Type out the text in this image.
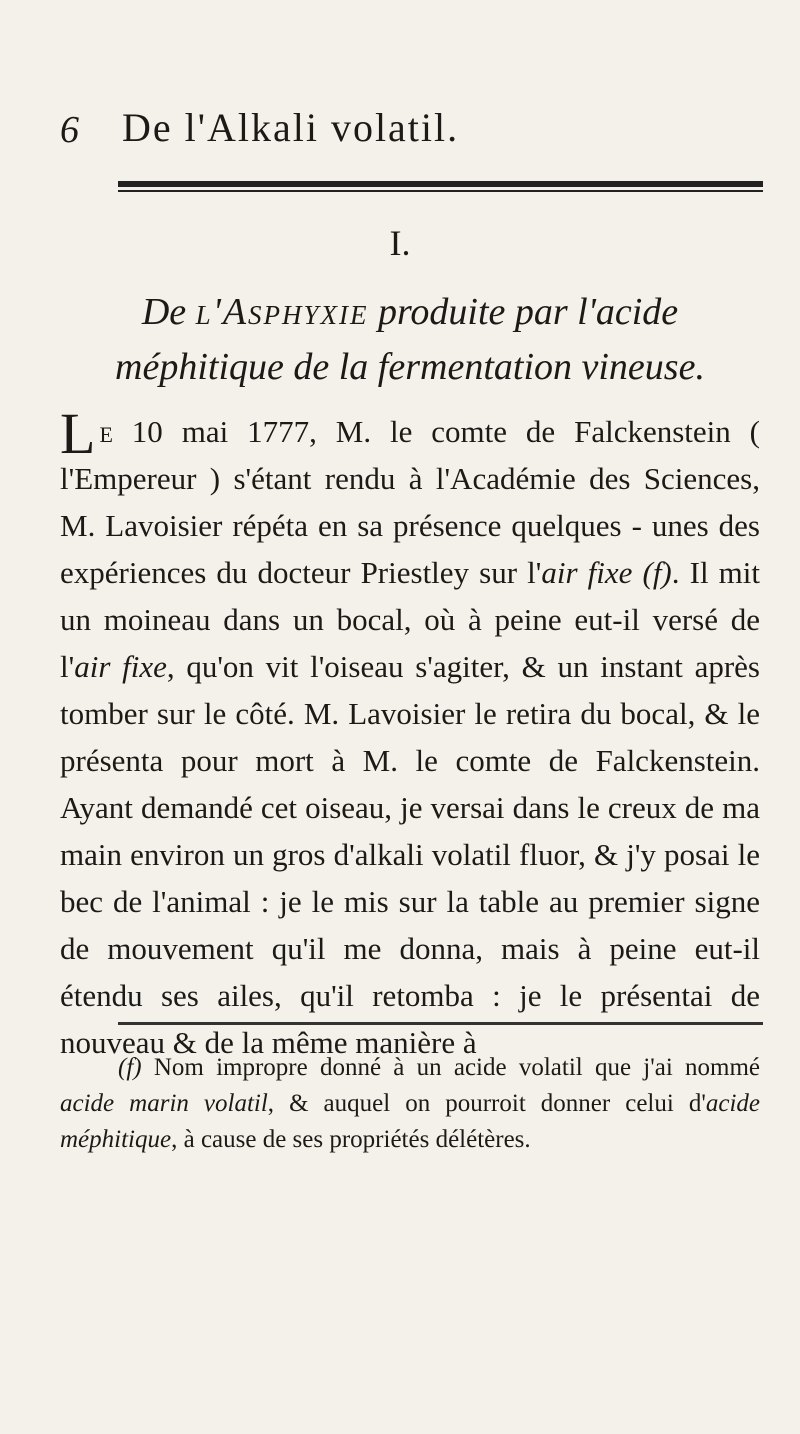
6 De l'Alkali volatil.
I.
De l'Asphyxie produite par l'acide méphitique de la fermentation vineuse.
Le 10 mai 1777, M. le comte de Falckenstein ( l'Empereur ) s'étant rendu à l'Académie des Sciences, M. Lavoisier répéta en sa présence quelques - unes des expériences du docteur Priestley sur l'air fixe (f). Il mit un moineau dans un bocal, où à peine eut-il versé de l'air fixe, qu'on vit l'oiseau s'agiter, & un instant après tomber sur le côté. M. Lavoisier le retira du bocal, & le présenta pour mort à M. le comte de Falckenstein. Ayant demandé cet oiseau, je versai dans le creux de ma main environ un gros d'alkali volatil fluor, & j'y posai le bec de l'animal : je le mis sur la table au premier signe de mouvement qu'il me donna, mais à peine eut-il étendu ses ailes, qu'il retomba : je le présentai de nouveau & de la même manière à
(f) Nom impropre donné à un acide volatil que j'ai nommé acide marin volatil, & auquel on pourroit donner celui d'acide méphitique, à cause de ses propriétés délétères.
